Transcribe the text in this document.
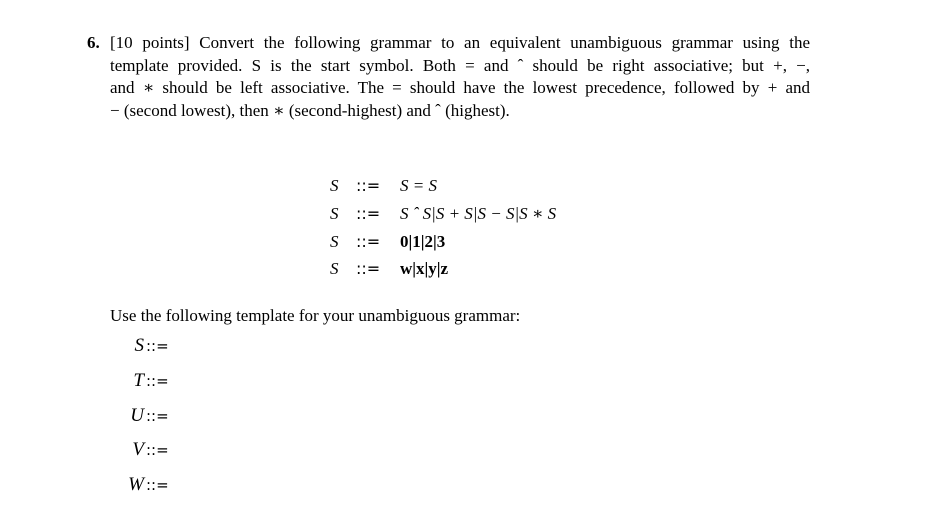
6. [10 points] Convert the following grammar to an equivalent unambiguous grammar using the
template provided. S is the start symbol. Both = and ˆ should be right associative; but +, −,
and ∗ should be left associative. The = should have the lowest precedence, followed by + and
− (second lowest), then ∗ (second-highest) and ˆ (highest).
S ::= S = S
S ::= S ˆ S|S + S|S − S|S ∗ S
S ::= 0|1|2|3
S ::= w|x|y|z
Use the following template for your unambiguous grammar:
S ::=
T ::=
U ::=
V ::=
W ::=
